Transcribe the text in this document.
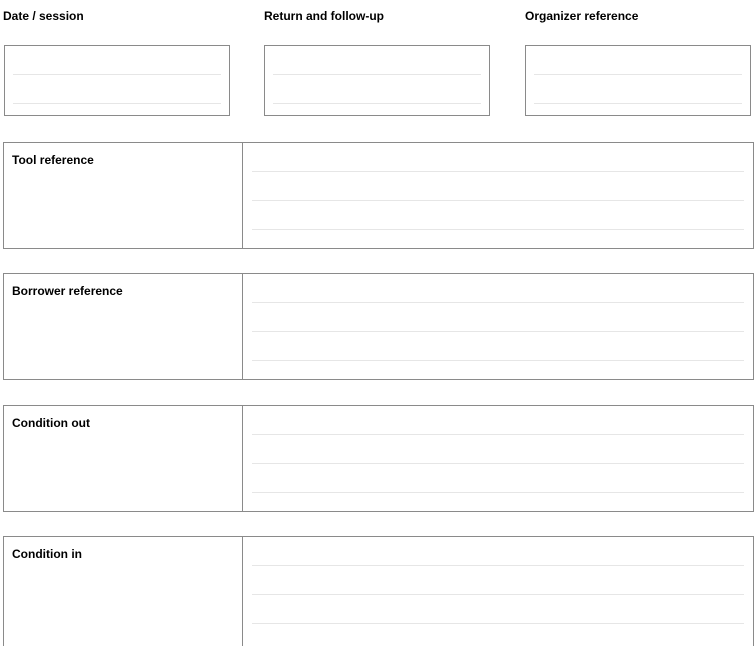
Date / session	Return and follow-up	Organizer reference
Tool reference
Borrower reference
Condition out
Condition in
